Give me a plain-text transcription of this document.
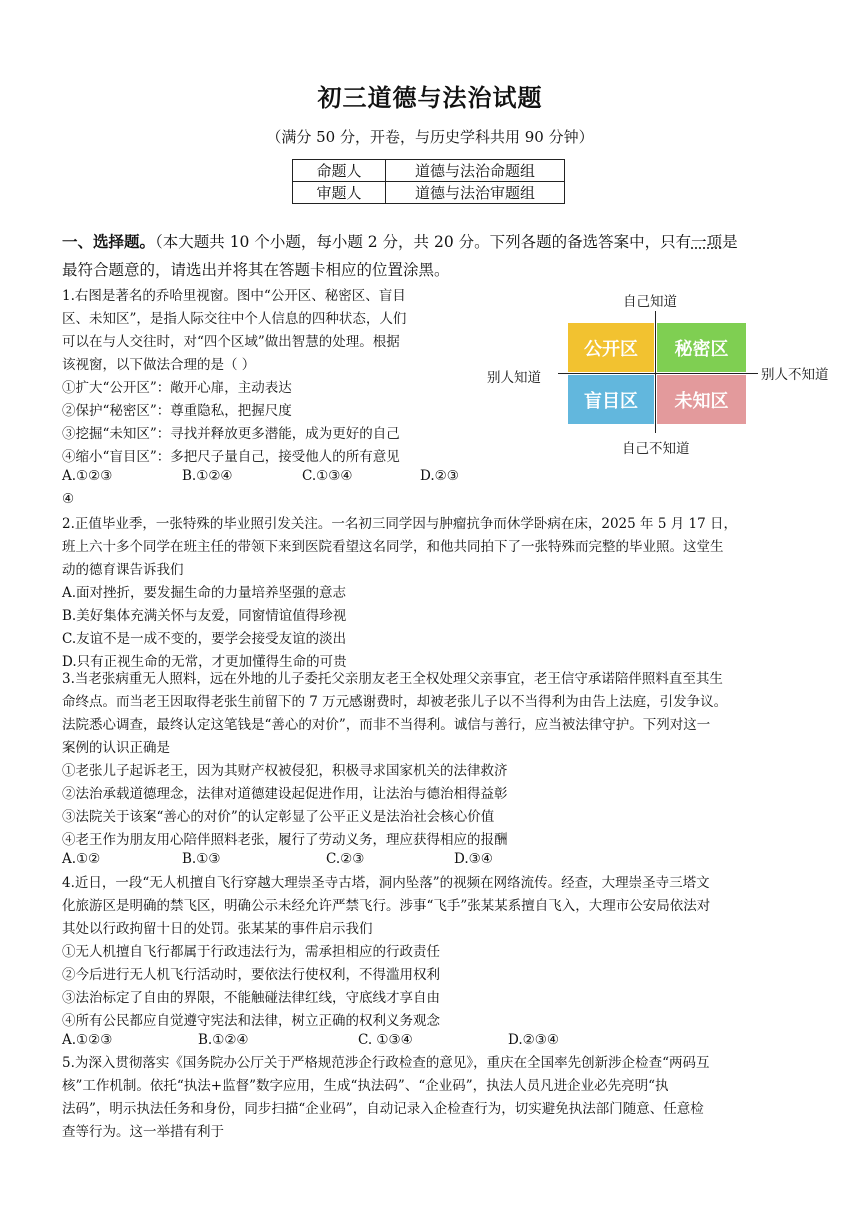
初三道德与法治试题
（满分 50 分，开卷，与历史学科共用 90 分钟）
命题人	道德与法治命题组
审题人	道德与法治审题组
一、选择题。（本大题共 10 个小题，每小题 2 分，共 20 分。下列各题的备选答案中，只有一项是
最符合题意的，请选出并将其在答题卡相应的位置涂黑。
1.右图是著名的乔哈里视窗。图中“公开区、秘密区、盲目
区、未知区”，是指人际交往中个人信息的四种状态，人们
可以在与人交往时，对“四个区域”做出智慧的处理。根据
该视窗，以下做法合理的是（ ）
①扩大“公开区”：敞开心扉，主动表达
②保护“秘密区”：尊重隐私，把握尺度
③挖掘“未知区”：寻找并释放更多潜能，成为更好的自己
④缩小“盲目区”：多把尺子量自己，接受他人的所有意见
A.①②③	B.①②④	C.①③④	D.②③
④
自己知道
别人知道	别人不知道
自己不知道
公开区	秘密区
盲目区	未知区
2.正值毕业季，一张特殊的毕业照引发关注。一名初三同学因与肿瘤抗争而休学卧病在床，2025 年 5 月 17 日，
班上六十多个同学在班主任的带领下来到医院看望这名同学，和他共同拍下了一张特殊而完整的毕业照。这堂生
动的德育课告诉我们
A.面对挫折，要发掘生命的力量培养坚强的意志
B.美好集体充满关怀与友爱，同窗情谊值得珍视
C.友谊不是一成不变的，要学会接受友谊的淡出
D.只有正视生命的无常，才更加懂得生命的可贵
3.当老张病重无人照料，远在外地的儿子委托父亲朋友老王全权处理父亲事宜，老王信守承诺陪伴照料直至其生
命终点。而当老王因取得老张生前留下的 7 万元感谢费时，却被老张儿子以不当得利为由告上法庭，引发争议。
法院悉心调查，最终认定这笔钱是“善心的对价”，而非不当得利。诚信与善行，应当被法律守护。下列对这一
案例的认识正确是
①老张儿子起诉老王，因为其财产权被侵犯，积极寻求国家机关的法律救济
②法治承载道德理念，法律对道德建设起促进作用，让法治与德治相得益彰
③法院关于该案“善心的对价”的认定彰显了公平正义是法治社会核心价值
④老王作为朋友用心陪伴照料老张，履行了劳动义务，理应获得相应的报酬
A.①②	B.①③	C.②③	D.③④
4.近日，一段“无人机擅自飞行穿越大理崇圣寺古塔，洞内坠落”的视频在网络流传。经查，大理崇圣寺三塔文
化旅游区是明确的禁飞区，明确公示未经允许严禁飞行。涉事“飞手”张某某系擅自飞入，大理市公安局依法对
其处以行政拘留十日的处罚。张某某的事件启示我们
①无人机擅自飞行都属于行政违法行为，需承担相应的行政责任
②今后进行无人机飞行活动时，要依法行使权利，不得滥用权利
③法治标定了自由的界限，不能触碰法律红线，守底线才享自由
④所有公民都应自觉遵守宪法和法律，树立正确的权利义务观念
A.①②③	B.①②④	C. ①③④	D.②③④
5.为深入贯彻落实《国务院办公厅关于严格规范涉企行政检查的意见》，重庆在全国率先创新涉企检查“两码互
核”工作机制。依托“执法+监督”数字应用，生成“执法码”、“企业码”，执法人员凡进企业必先亮明“执
法码”，明示执法任务和身份，同步扫描“企业码”，自动记录入企检查行为，切实避免执法部门随意、任意检
查等行为。这一举措有利于
